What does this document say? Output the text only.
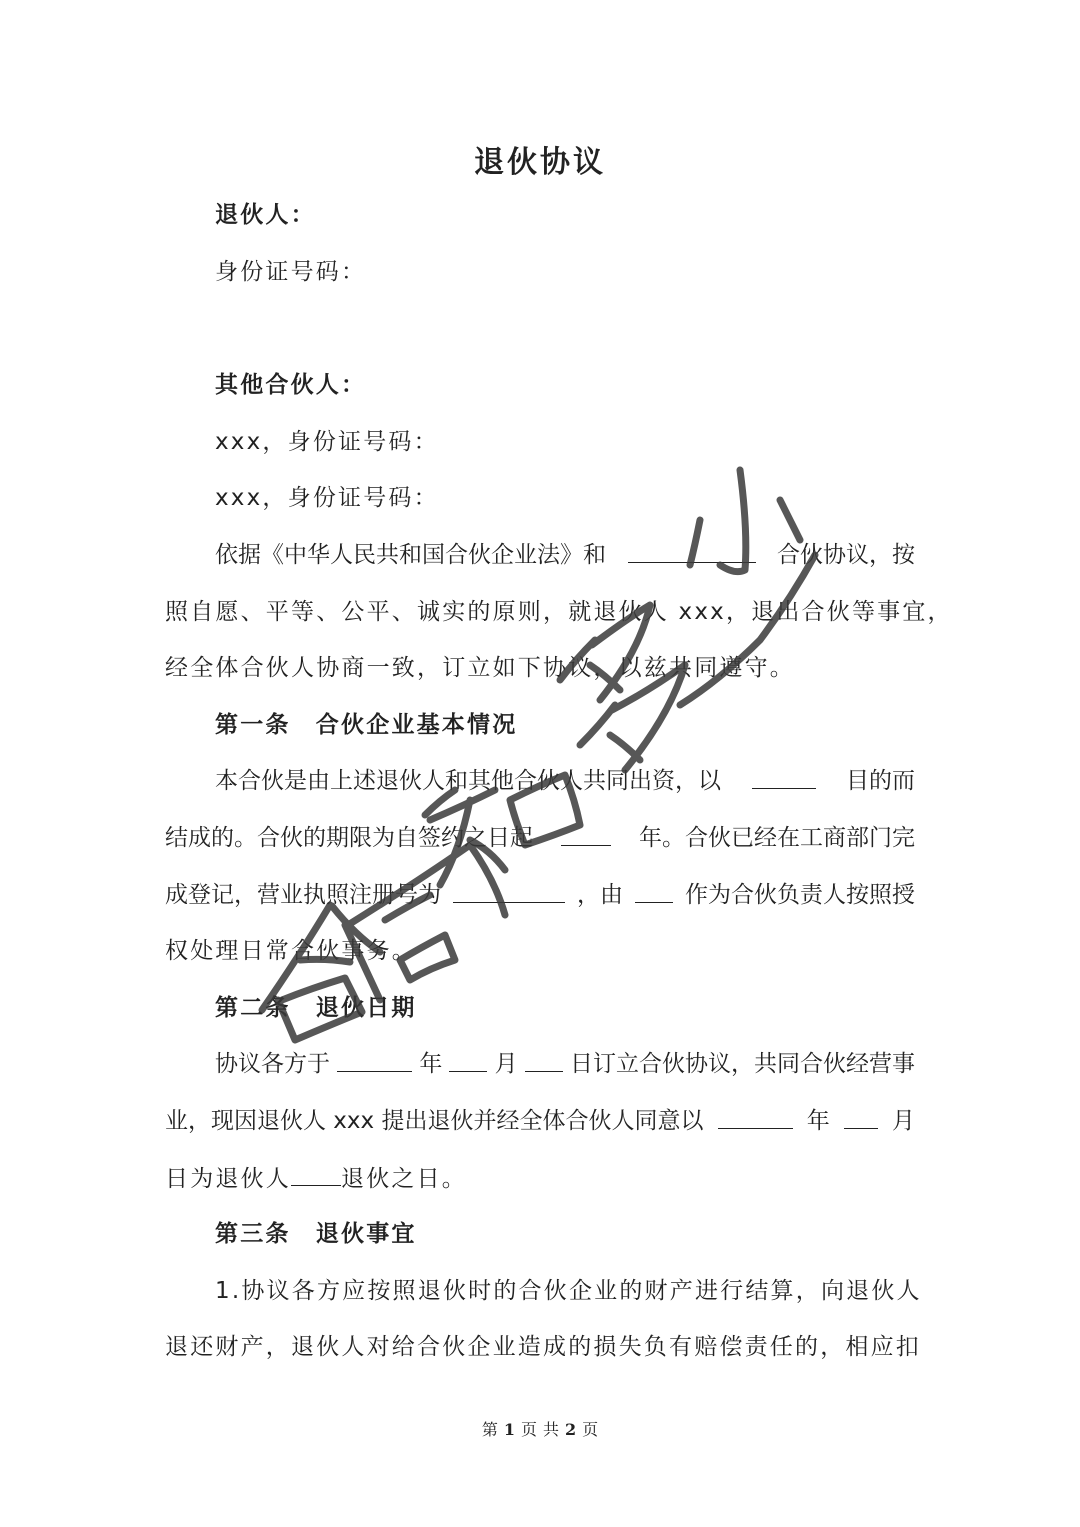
退伙协议
退伙人：
身份证号码：
其他合伙人：
xxx，身份证号码：
xxx，身份证号码：
依据《中华人民共和国合伙企业法》和	合伙协议，按
照自愿、平等、公平、诚实的原则，就退伙人 xxx，退出合伙等事宜，
经全体合伙人协商一致，订立如下协议，以兹共同遵守。
第一条　合伙企业基本情况
本合伙是由上述退伙人和其他合伙人共同出资，以	目的而
结成的。合伙的期限为自签约之日起	年。合伙已经在工商部门完
成登记，营业执照注册号为	，由	作为合伙负责人按照授
权处理日常合伙事务。
第二条　退伙日期
协议各方于	年 月 日订立合伙协议，共同合伙经营事
业，现因退伙人 xxx 提出退伙并经全体合伙人同意以	年	月
日为退伙人 退伙之日。
第三条　退伙事宜
1.协议各方应按照退伙时的合伙企业的财产进行结算，向退伙人
退还财产，退伙人对给合伙企业造成的损失负有赔偿责任的，相应扣
第 1 页 共 2 页
